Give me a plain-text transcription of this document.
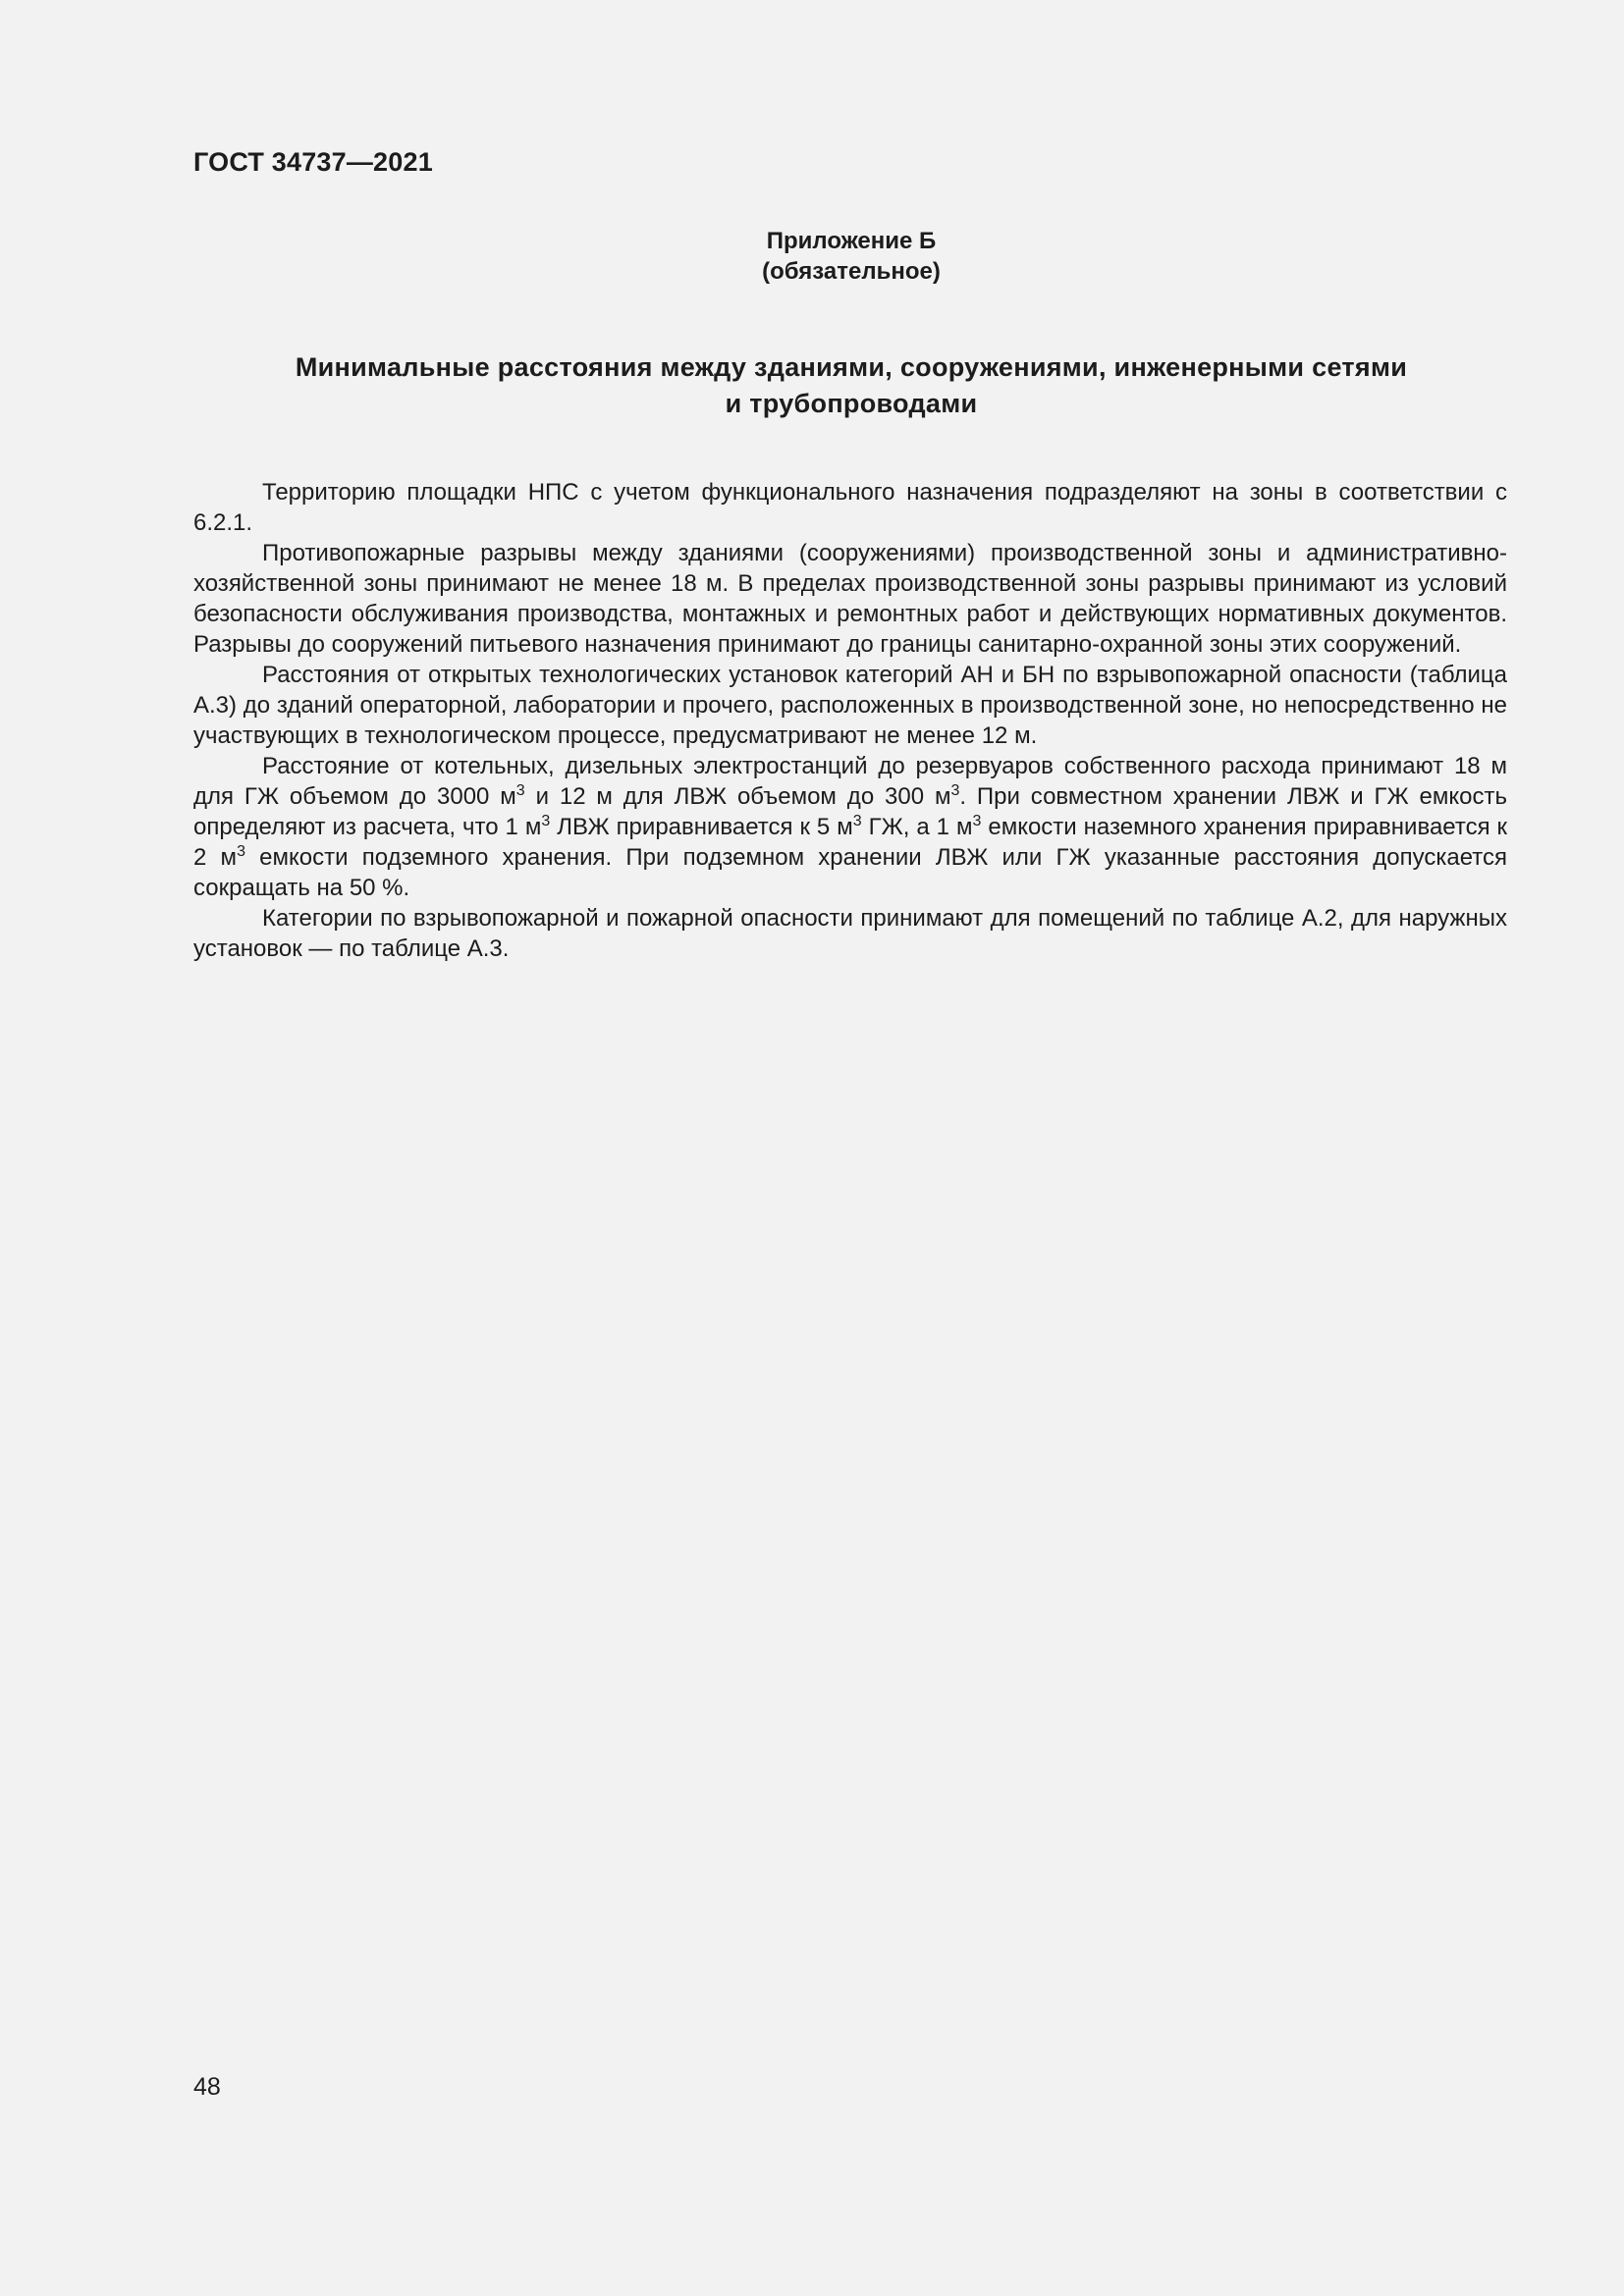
ГОСТ 34737—2021
Приложение Б
(обязательное)
Минимальные расстояния между зданиями, сооружениями, инженерными сетями
и трубопроводами

Территорию площадки НПС с учетом функционального назначения подразделяют на зоны в соответствии с 6.2.1.

Противопожарные разрывы между зданиями (сооружениями) производственной зоны и административно-хозяйственной зоны принимают не менее 18 м. В пределах производственной зоны разрывы принимают из условий безопасности обслуживания производства, монтажных и ремонтных работ и действующих нормативных документов. Разрывы до сооружений питьевого назначения принимают до границы санитарно-охранной зоны этих сооружений.

Расстояния от открытых технологических установок категорий АН и БН по взрывопожарной опасности (таблица А.3) до зданий операторной, лаборатории и прочего, расположенных в производственной зоне, но непосредственно не участвующих в технологическом процессе, предусматривают не менее 12 м.

Расстояние от котельных, дизельных электростанций до резервуаров собственного расхода принимают 18 м для ГЖ объемом до 3000 $м^3$ и 12 м для ЛВЖ объемом до 300 $м^3$. При совместном хранении ЛВЖ и ГЖ емкость определяют из расчета, что 1 $м^3$ ЛВЖ приравнивается к 5 $м^3$ ГЖ, а 1 $м^3$ емкости наземного хранения приравнивается к 2 $м^3$ емкости подземного хранения. При подземном хранении ЛВЖ или ГЖ указанные расстояния допускается сокращать на 50 %.

Категории по взрывопожарной и пожарной опасности принимают для помещений по таблице А.2, для наружных установок — по таблице А.3.

48
